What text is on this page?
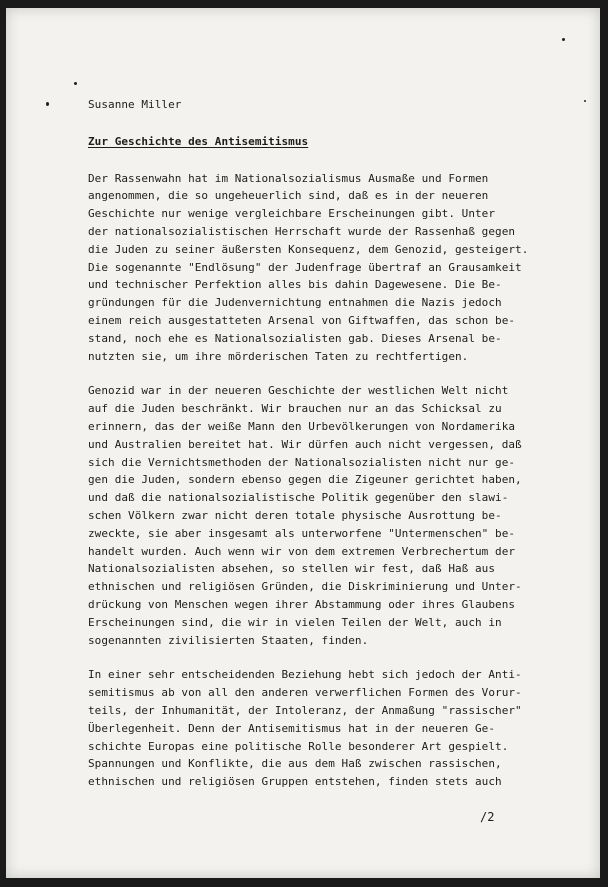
Susanne Miller
Zur Geschichte des Antisemitismus
Der Rassenwahn hat im Nationalsozialismus Ausmaße und Formen
angenommen, die so ungeheuerlich sind, daß es in der neueren
Geschichte nur wenige vergleichbare Erscheinungen gibt. Unter
der nationalsozialistischen Herrschaft wurde der Rassenhaß gegen
die Juden zu seiner äußersten Konsequenz, dem Genozid, gesteigert.
Die sogenannte "Endlösung" der Judenfrage übertraf an Grausamkeit
und technischer Perfektion alles bis dahin Dagewesene. Die Be-
gründungen für die Judenvernichtung entnahmen die Nazis jedoch
einem reich ausgestatteten Arsenal von Giftwaffen, das schon be-
stand, noch ehe es Nationalsozialisten gab. Dieses Arsenal be-
nutzten sie, um ihre mörderischen Taten zu rechtfertigen.
Genozid war in der neueren Geschichte der westlichen Welt nicht
auf die Juden beschränkt. Wir brauchen nur an das Schicksal zu
erinnern, das der weiße Mann den Urbevölkerungen von Nordamerika
und Australien bereitet hat. Wir dürfen auch nicht vergessen, daß
sich die Vernichtsmethoden der Nationalsozialisten nicht nur ge-
gen die Juden, sondern ebenso gegen die Zigeuner gerichtet haben,
und daß die nationalsozialistische Politik gegenüber den slawi-
schen Völkern zwar nicht deren totale physische Ausrottung be-
zweckte, sie aber insgesamt als unterworfene "Untermenschen" be-
handelt wurden. Auch wenn wir von dem extremen Verbrechertum der
Nationalsozialisten absehen, so stellen wir fest, daß Haß aus
ethnischen und religiösen Gründen, die Diskriminierung und Unter-
drückung von Menschen wegen ihrer Abstammung oder ihres Glaubens
Erscheinungen sind, die wir in vielen Teilen der Welt, auch in
sogenannten zivilisierten Staaten, finden.
In einer sehr entscheidenden Beziehung hebt sich jedoch der Anti-
semitismus ab von all den anderen verwerflichen Formen des Vorur-
teils, der Inhumanität, der Intoleranz, der Anmaßung "rassischer"
Überlegenheit. Denn der Antisemitismus hat in der neueren Ge-
schichte Europas eine politische Rolle besonderer Art gespielt.
Spannungen und Konflikte, die aus dem Haß zwischen rassischen,
ethnischen und religiösen Gruppen entstehen, finden stets auch
/2
